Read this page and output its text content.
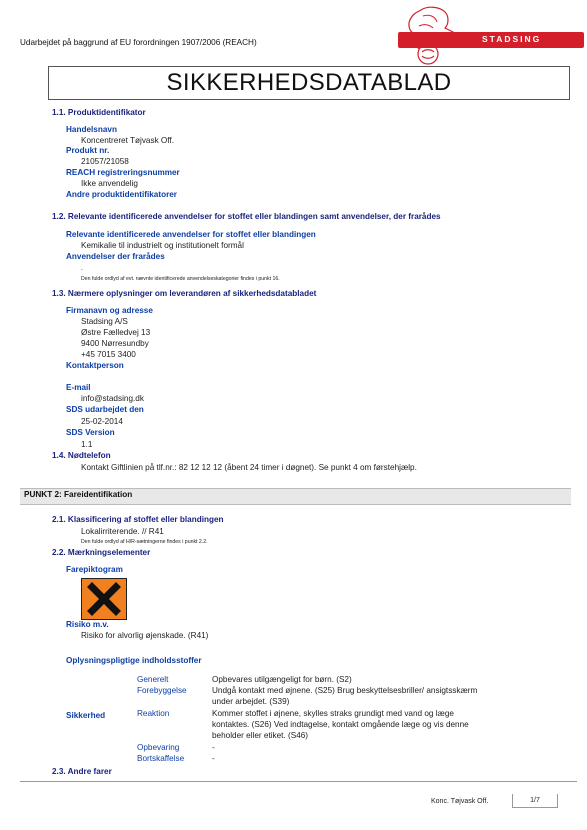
Udarbejdet på baggrund af EU forordningen 1907/2006 (REACH)	STADSING
SIKKERHEDSDATABLAD
1.1. Produktidentifikator
Handelsnavn
Koncentreret Tøjvask Off.
Produkt nr.
21057/21058
REACH registreringsnummer
Ikke anvendelig
Andre produktidentifikatorer
1.2. Relevante identificerede anvendelser for stoffet eller blandingen samt anvendelser, der frarådes
Relevante identificerede anvendelser for stoffet eller blandingen
Kemikalie til industrielt og institutionelt formål
Anvendelser der frarådes
-
Den fulde ordlyd af evt. nævnte identificerede anvendelseskategorier findes i punkt 16.
1.3. Nærmere oplysninger om leverandøren af sikkerhedsdatabladet
Firmanavn og adresse
Stadsing A/S
Østre Fælledvej 13
9400 Nørresundby
+45 7015 3400
Kontaktperson
E-mail
info@stadsing.dk
SDS udarbejdet den
25-02-2014
SDS Version
1.1
1.4. Nødtelefon
Kontakt Giftlinien på tlf.nr.: 82 12 12 12 (åbent 24 timer i døgnet). Se punkt 4 om førstehjælp.
PUNKT 2: Fareidentifikation
2.1. Klassificering af stoffet eller blandingen
Lokalirriterende. // R41
Den fulde ordlyd af H/R-sætningerne findes i punkt 2.2.
2.2. Mærkningselementer
Farepiktogram
Risiko m.v.
Risiko for alvorlig øjenskade. (R41)
Oplysningspligtige indholdsstoffer
Sikkerhed
Generelt	Opbevares utilgængeligt for børn. (S2)
Forebyggelse	Undgå kontakt med øjnene. (S25) Brug beskyttelsesbriller/ ansigtsskærm
under arbejdet. (S39)
Reaktion	Kommer stoffet i øjnene, skylles straks grundigt med vand og læge
kontaktes. (S26) Ved indtagelse, kontakt omgående læge og vis denne
beholder eller etiket. (S46)
Opbevaring	-
Bortskaffelse	-
2.3. Andre farer
Konc. Tøjvask Off.	1/7
